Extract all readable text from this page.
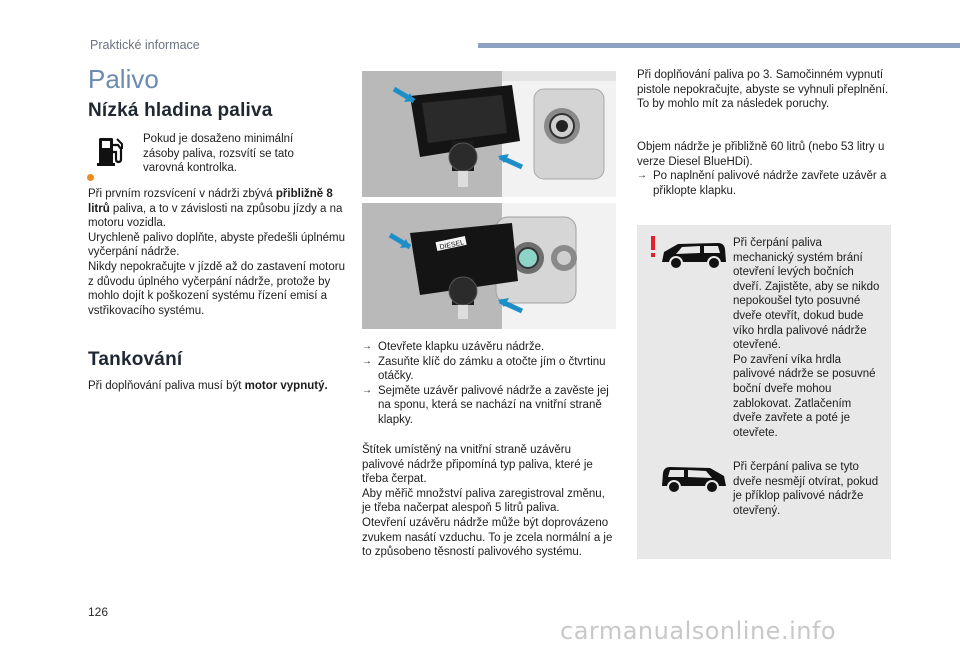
Praktické informace
Palivo
Nízká hladina paliva
Pokud je dosaženo minimální zásoby paliva, rozsvítí se tato varovná kontrolka.
Při prvním rozsvícení v nádrži zbývá přibližně 8 litrů paliva, a to v závislosti na způsobu jízdy a na motoru vozidla.
Urychleně palivo doplňte, abyste předešli úplnému vyčerpání nádrže.
Nikdy nepokračujte v jízdě až do zastavení motoru z důvodu úplného vyčerpání nádrže, protože by mohlo dojít k poškození systému řízení emisí a vstřikovacího systému.
Tankování
Při doplňování paliva musí být motor vypnutý.
DIESEL
→ Otevřete klapku uzávěru nádrže.
→ Zasuňte klíč do zámku a otočte jím o čtvrtinu otáčky.
→ Sejměte uzávěr palivové nádrže a zavěste jej na sponu, která se nachází na vnitřní straně klapky.
Štítek umístěný na vnitřní straně uzávěru palivové nádrže připomíná typ paliva, které je třeba čerpat.
Aby měřič množství paliva zaregistroval změnu, je třeba načerpat alespoň 5 litrů paliva.
Otevření uzávěru nádrže může být doprovázeno zvukem nasátí vzduchu. To je zcela normální a je to způsobeno těsností palivového systému.
Při doplňování paliva po 3. Samočinném vypnutí pistole nepokračujte, abyste se vyhnuli přeplnění. To by mohlo mít za následek poruchy.
Objem nádrže je přibližně 60 litrů (nebo 53 litry u verze Diesel BlueHDi).
→ Po naplnění palivové nádrže zavřete uzávěr a přiklopte klapku.
Při čerpání paliva mechanický systém brání otevření levých bočních dveří. Zajistěte, aby se nikdo nepokoušel tyto posuvné dveře otevřít, dokud bude víko hrdla palivové nádrže otevřené.
Po zavření víka hrdla palivové nádrže se posuvné boční dveře mohou zablokovat. Zatlačením dveře zavřete a poté je otevřete.
Při čerpání paliva se tyto dveře nesmějí otvírat, pokud je příklop palivové nádrže otevřený.
126
carmanualsonline.info
